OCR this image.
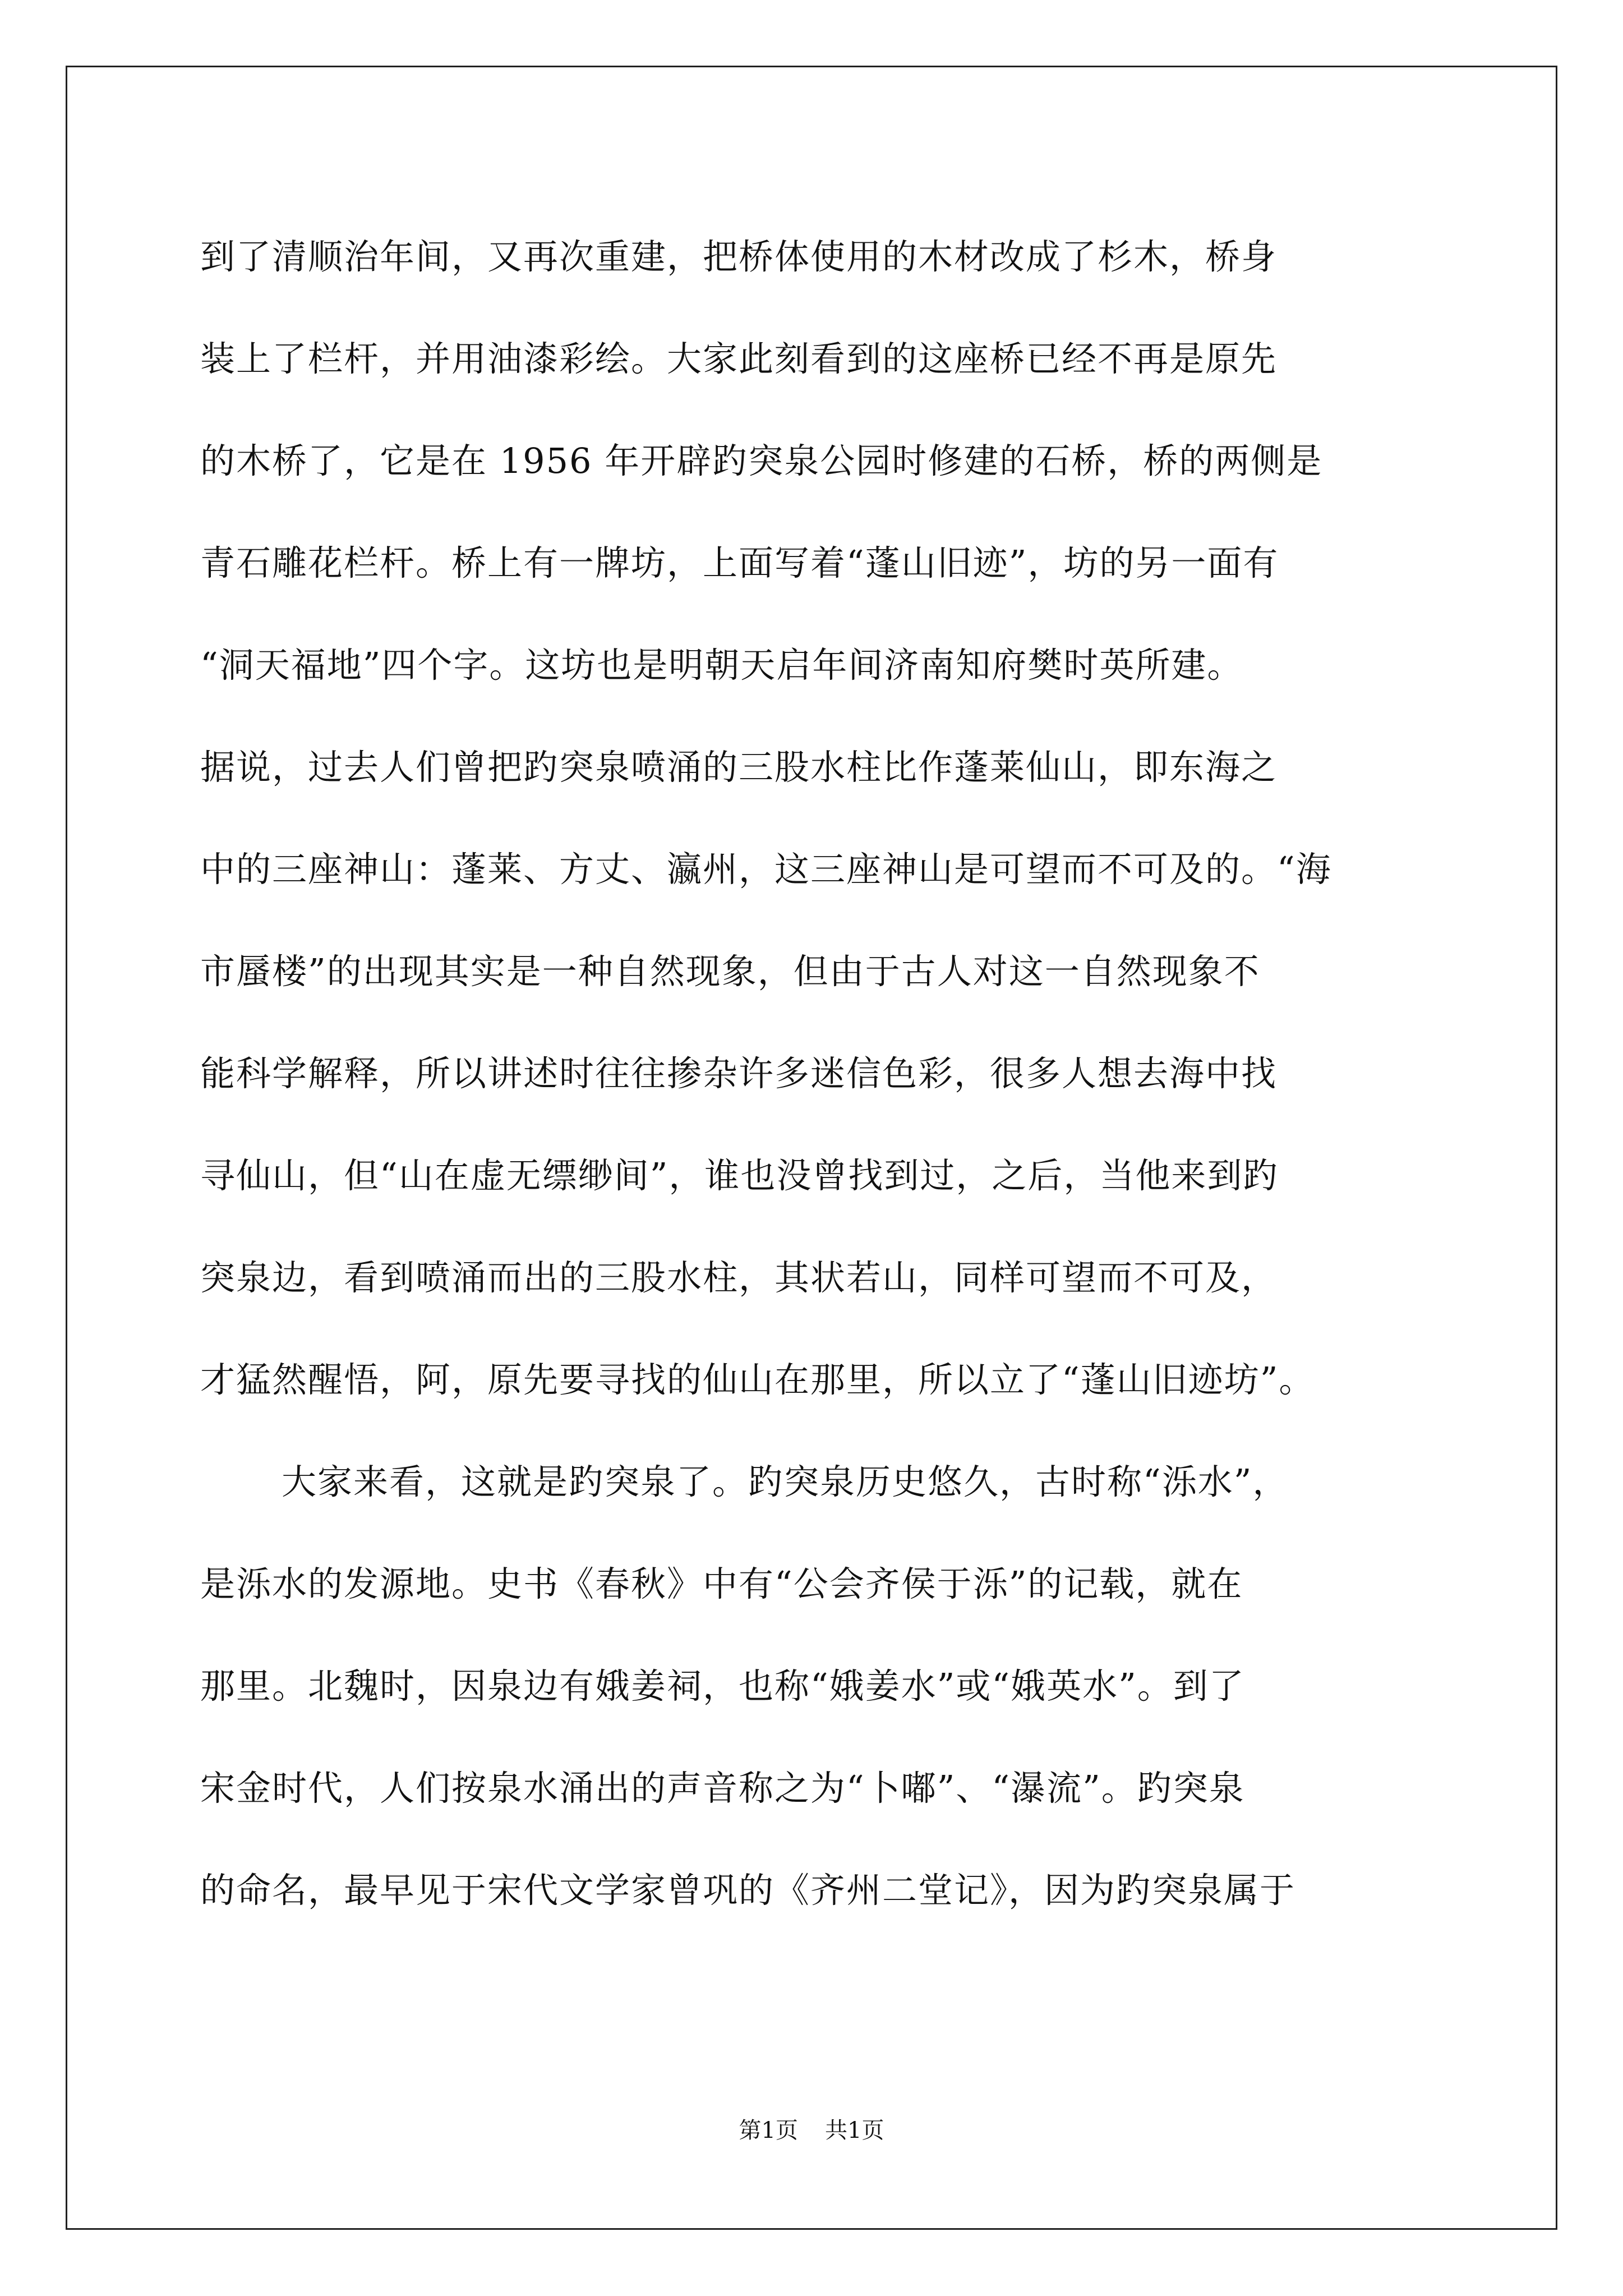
到了清顺治年间，又再次重建，把桥体使用的木材改成了杉木，桥身
装上了栏杆，并用油漆彩绘。大家此刻看到的这座桥已经不再是原先
的木桥了，它是在 1956 年开辟趵突泉公园时修建的石桥，桥的两侧是
青石雕花栏杆。桥上有一牌坊，上面写着“蓬山旧迹”，坊的另一面有
“洞天福地”四个字。这坊也是明朝天启年间济南知府樊时英所建。
据说，过去人们曾把趵突泉喷涌的三股水柱比作蓬莱仙山，即东海之
中的三座神山：蓬莱、方丈、瀛州，这三座神山是可望而不可及的。“海
市蜃楼”的出现其实是一种自然现象，但由于古人对这一自然现象不
能科学解释，所以讲述时往往掺杂许多迷信色彩，很多人想去海中找
寻仙山，但“山在虚无缥缈间”，谁也没曾找到过，之后，当他来到趵
突泉边，看到喷涌而出的三股水柱，其状若山，同样可望而不可及，
才猛然醒悟，阿，原先要寻找的仙山在那里，所以立了“蓬山旧迹坊”。
大家来看，这就是趵突泉了。趵突泉历史悠久，古时称“泺水”，
是泺水的发源地。史书《春秋》中有“公会齐侯于泺”的记载，就在
那里。北魏时，因泉边有娥姜祠，也称“娥姜水”或“娥英水”。到了
宋金时代，人们按泉水涌出的声音称之为“卜嘟”、“瀑流”。趵突泉
的命名，最早见于宋代文学家曾巩的《齐州二堂记》，因为趵突泉属于
第1页 共1页
